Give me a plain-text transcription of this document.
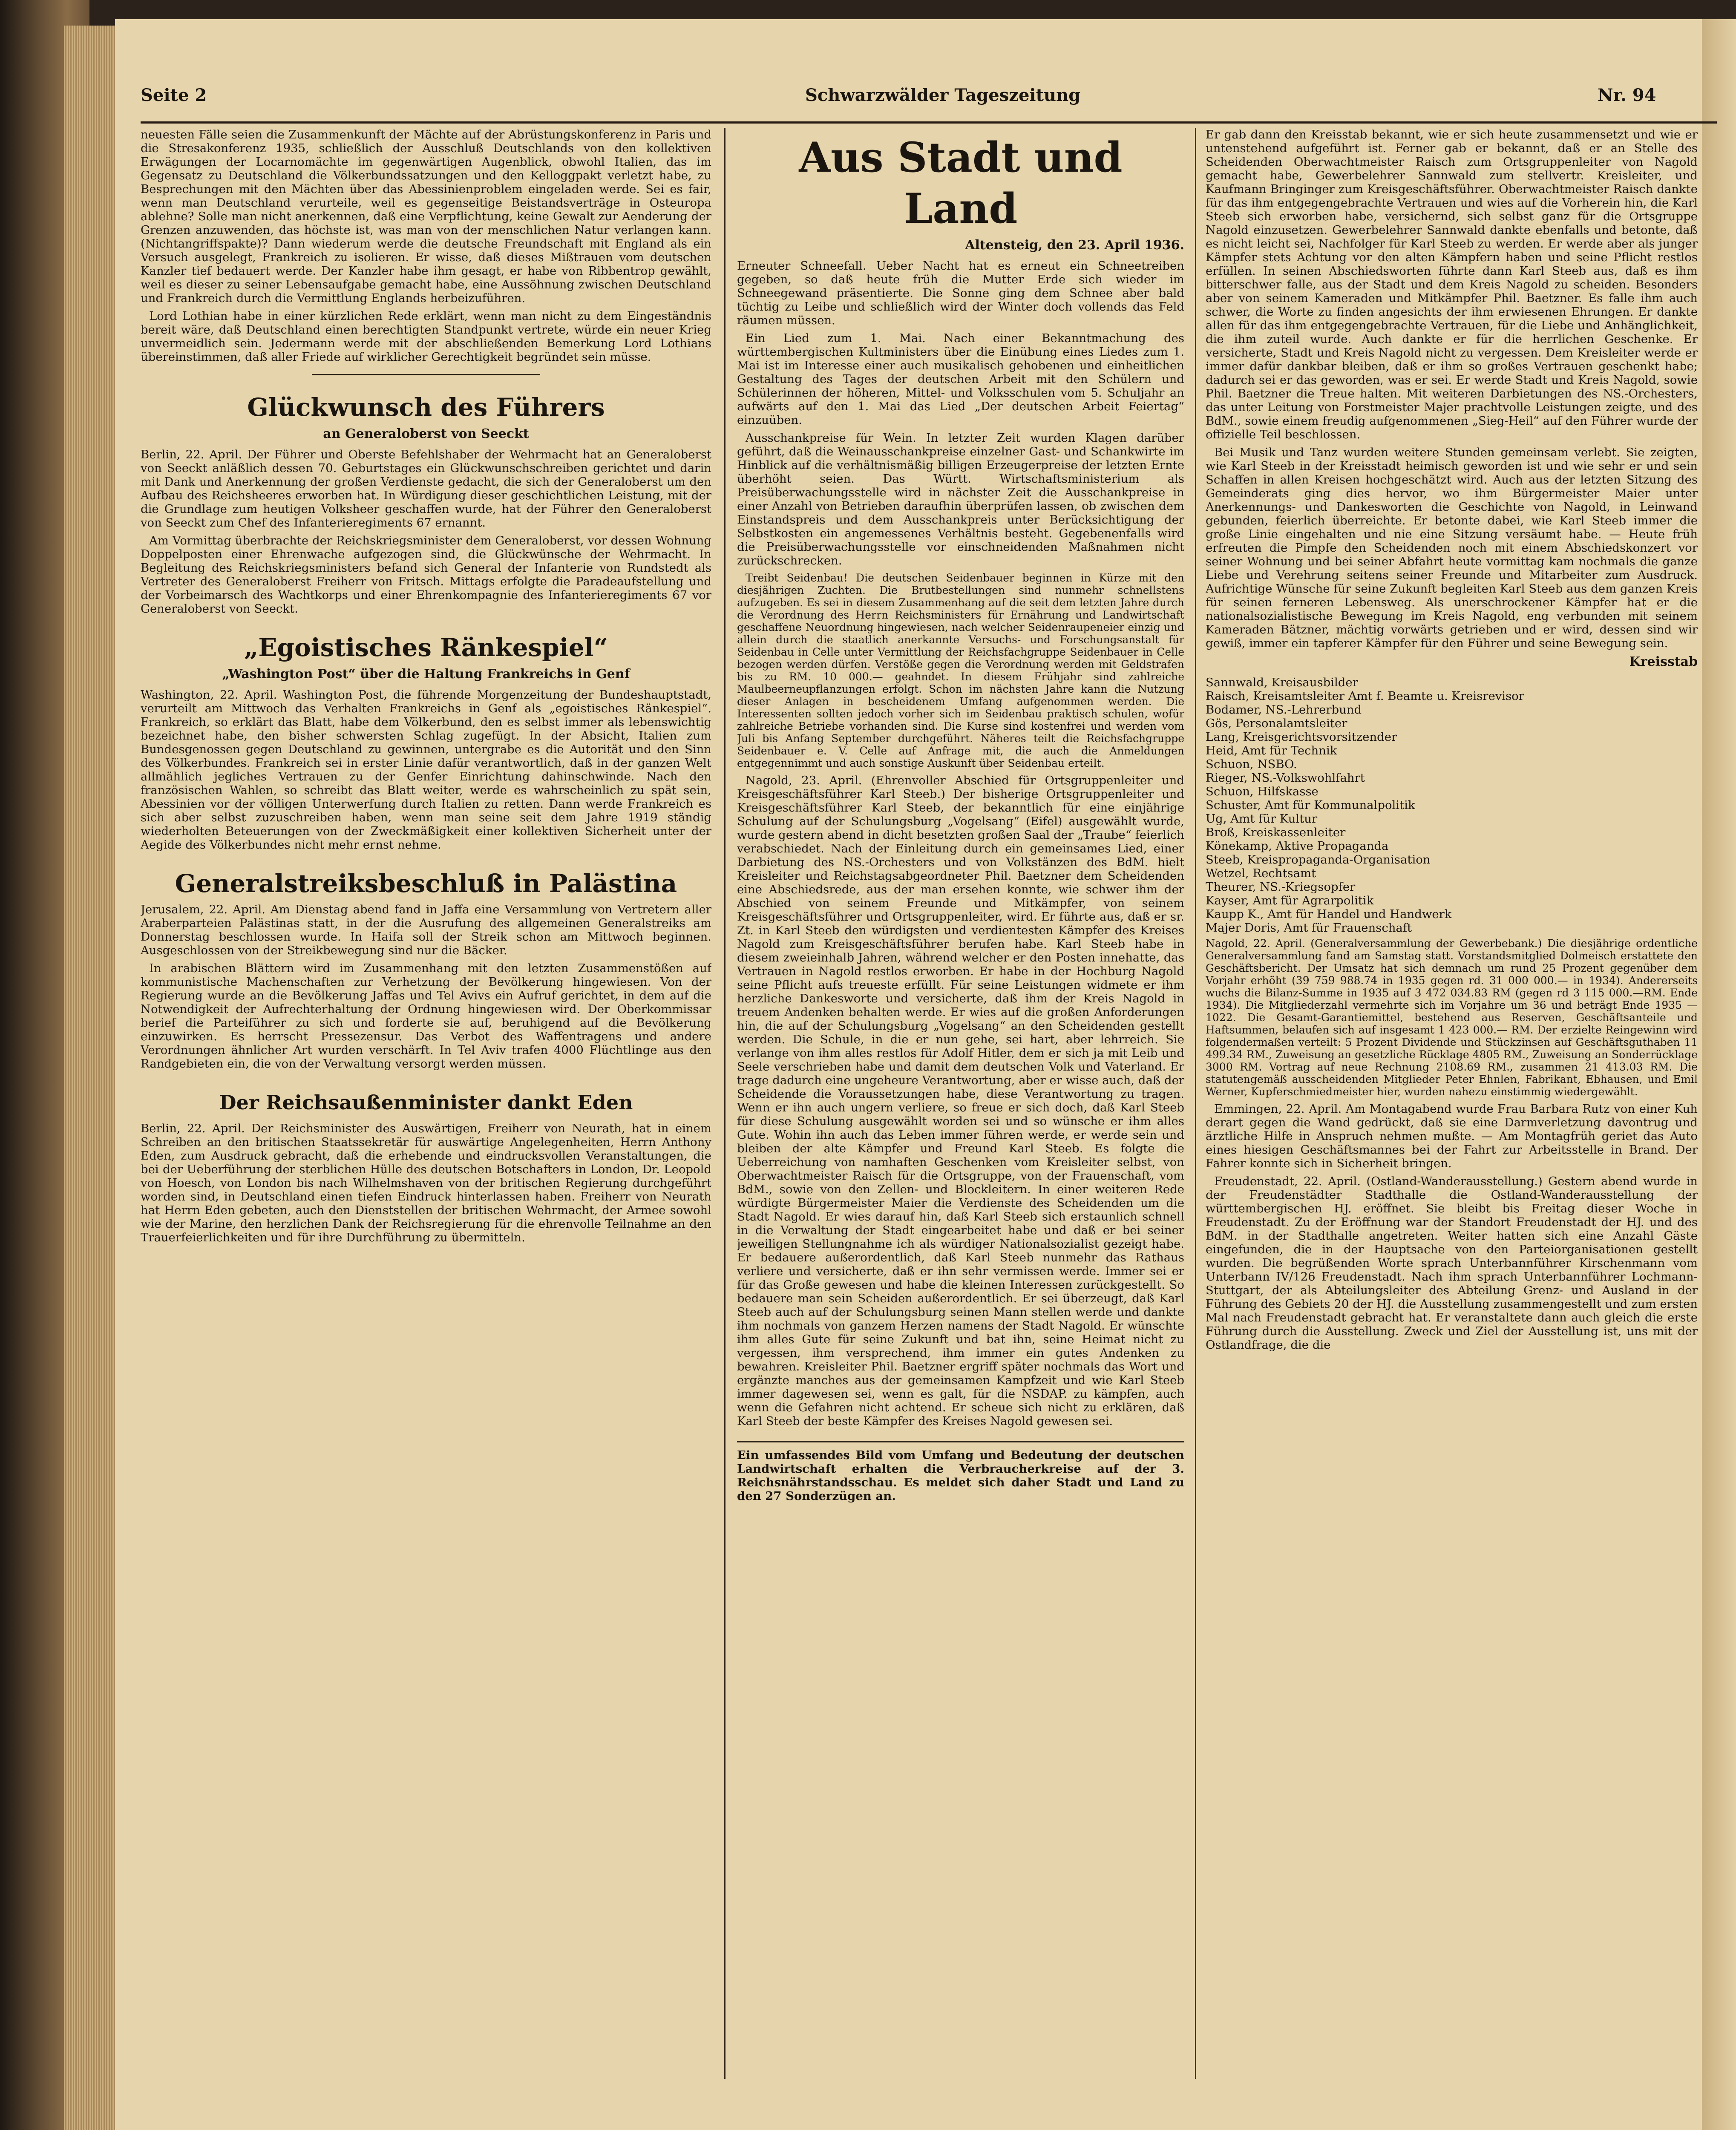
Seite 2	Schwarzwälder Tageszeitung	Nr. 94

neuesten Fälle seien die Zusammenkunft der Mächte auf der Abrüstungskonferenz in Paris und die Stresakonferenz 1935, schließlich der Ausschluß Deutschlands von den kollektiven Erwägungen der Locarnomächte im gegenwärtigen Augenblick, obwohl Italien, das im Gegensatz zu Deutschland die Völkerbundssatzungen und den Kelloggpakt verletzt habe, zu Besprechungen mit den Mächten über das Abessinienproblem eingeladen werde. Sei es fair, wenn man Deutschland verurteile, weil es gegenseitige Beistandsverträge in Osteuropa ablehne? Solle man nicht anerkennen, daß eine Verpflichtung, keine Gewalt zur Aenderung der Grenzen anzuwenden, das höchste ist, was man von der menschlichen Natur verlangen kann. (Nichtangriffspakte)? Dann wiederum werde die deutsche Freundschaft mit England als ein Versuch ausgelegt, Frankreich zu isolieren. Er wisse, daß dieses Mißtrauen vom deutschen Kanzler tief bedauert werde. Der Kanzler habe ihm gesagt, er habe von Ribbentrop gewählt, weil es dieser zu seiner Lebensaufgabe gemacht habe, eine Aussöhnung zwischen Deutschland und Frankreich durch die Vermittlung Englands herbeizuführen.

Lord Lothian habe in einer kürzlichen Rede erklärt, wenn man nicht zu dem Eingeständnis bereit wäre, daß Deutschland einen berechtigten Standpunkt vertrete, würde ein neuer Krieg unvermeidlich sein. Jedermann werde mit der abschließenden Bemerkung Lord Lothians übereinstimmen, daß aller Friede auf wirklicher Gerechtigkeit begründet sein müsse.

Glückwunsch des Führers
an Generaloberst von Seeckt

Berlin, 22. April. Der Führer und Oberste Befehlshaber der Wehrmacht hat an Generaloberst von Seeckt anläßlich dessen 70. Geburtstages ein Glückwunschschreiben gerichtet und darin mit Dank und Anerkennung der großen Verdienste gedacht, die sich der Generaloberst um den Aufbau des Reichsheeres erworben hat. In Würdigung dieser geschichtlichen Leistung, mit der die Grundlage zum heutigen Volksheer geschaffen wurde, hat der Führer den Generaloberst von Seeckt zum Chef des Infanterieregiments 67 ernannt.

Am Vormittag überbrachte der Reichskriegsminister dem Generaloberst, vor dessen Wohnung Doppelposten einer Ehrenwache aufgezogen sind, die Glückwünsche der Wehrmacht. In Begleitung des Reichskriegsministers befand sich General der Infanterie von Rundstedt als Vertreter des Generaloberst Freiherr von Fritsch. Mittags erfolgte die Paradeaufstellung und der Vorbeimarsch des Wachtkorps und einer Ehrenkompagnie des Infanterieregiments 67 vor Generaloberst von Seeckt.

„Egoistisches Ränkespiel“
„Washington Post“ über die Haltung Frankreichs in Genf

Washington, 22. April. Washington Post, die führende Morgenzeitung der Bundeshauptstadt, verurteilt am Mittwoch das Verhalten Frankreichs in Genf als „egoistisches Ränkespiel“. Frankreich, so erklärt das Blatt, habe dem Völkerbund, den es selbst immer als lebenswichtig bezeichnet habe, den bisher schwersten Schlag zugefügt. In der Absicht, Italien zum Bundesgenossen gegen Deutschland zu gewinnen, untergrabe es die Autorität und den Sinn des Völkerbundes. Frankreich sei in erster Linie dafür verantwortlich, daß in der ganzen Welt allmählich jegliches Vertrauen zu der Genfer Einrichtung dahinschwinde. Nach den französischen Wahlen, so schreibt das Blatt weiter, werde es wahrscheinlich zu spät sein, Abessinien vor der völligen Unterwerfung durch Italien zu retten. Dann werde Frankreich es sich aber selbst zuzuschreiben haben, wenn man seine seit dem Jahre 1919 ständig wiederholten Beteuerungen von der Zweckmäßigkeit einer kollektiven Sicherheit unter der Aegide des Völkerbundes nicht mehr ernst nehme.

Generalstreiksbeschluß in Palästina

Jerusalem, 22. April. Am Dienstag abend fand in Jaffa eine Versammlung von Vertretern aller Araberparteien Palästinas statt, in der die Ausrufung des allgemeinen Generalstreiks am Donnerstag beschlossen wurde. In Haifa soll der Streik schon am Mittwoch beginnen. Ausgeschlossen von der Streikbewegung sind nur die Bäcker.

In arabischen Blättern wird im Zusammenhang mit den letzten Zusammenstößen auf kommunistische Machenschaften zur Verhetzung der Bevölkerung hingewiesen. Von der Regierung wurde an die Bevölkerung Jaffas und Tel Avivs ein Aufruf gerichtet, in dem auf die Notwendigkeit der Aufrechterhaltung der Ordnung hingewiesen wird. Der Oberkommissar berief die Parteiführer zu sich und forderte sie auf, beruhigend auf die Bevölkerung einzuwirken. Es herrscht Pressezensur. Das Verbot des Waffentragens und andere Verordnungen ähnlicher Art wurden verschärft. In Tel Aviv trafen 4000 Flüchtlinge aus den Randgebieten ein, die von der Verwaltung versorgt werden müssen.

Der Reichsaußenminister dankt Eden

Berlin, 22. April. Der Reichsminister des Auswärtigen, Freiherr von Neurath, hat in einem Schreiben an den britischen Staatssekretär für auswärtige Angelegenheiten, Herrn Anthony Eden, zum Ausdruck gebracht, daß die erhebende und eindrucksvollen Veranstaltungen, die bei der Ueberführung der sterblichen Hülle des deutschen Botschafters in London, Dr. Leopold von Hoesch, von London bis nach Wilhelmshaven von der britischen Regierung durchgeführt worden sind, in Deutschland einen tiefen Eindruck hinterlassen haben. Freiherr von Neurath hat Herrn Eden gebeten, auch den Dienststellen der britischen Wehrmacht, der Armee sowohl wie der Marine, den herzlichen Dank der Reichsregierung für die ehrenvolle Teilnahme an den Trauerfeierlichkeiten und für ihre Durchführung zu übermitteln.

Aus Stadt und Land
Altensteig, den 23. April 1936.

Erneuter Schneefall. Ueber Nacht hat es erneut ein Schneetreiben gegeben, so daß heute früh die Mutter Erde sich wieder im Schneegewand präsentierte. Die Sonne ging dem Schnee aber bald tüchtig zu Leibe und schließlich wird der Winter doch vollends das Feld räumen müssen.

Ein Lied zum 1. Mai. Nach einer Bekanntmachung des württembergischen Kultministers über die Einübung eines Liedes zum 1. Mai ist im Interesse einer auch musikalisch gehobenen und einheitlichen Gestaltung des Tages der deutschen Arbeit mit den Schülern und Schülerinnen der höheren, Mittel- und Volksschulen vom 5. Schuljahr an aufwärts auf den 1. Mai das Lied „Der deutschen Arbeit Feiertag“ einzuüben.

Ausschankpreise für Wein. In letzter Zeit wurden Klagen darüber geführt, daß die Weinausschankpreise einzelner Gast- und Schankwirte im Hinblick auf die verhältnismäßig billigen Erzeugerpreise der letzten Ernte überhöht seien. Das Württ. Wirtschaftsministerium als Preisüberwachungsstelle wird in nächster Zeit die Ausschankpreise in einer Anzahl von Betrieben daraufhin überprüfen lassen, ob zwischen dem Einstandspreis und dem Ausschankpreis unter Berücksichtigung der Selbstkosten ein angemessenes Verhältnis besteht. Gegebenenfalls wird die Preisüberwachungsstelle vor einschneidenden Maßnahmen nicht zurückschrecken.

Treibt Seidenbau! Die deutschen Seidenbauer beginnen in Kürze mit den diesjährigen Zuchten. Die Brutbestellungen sind nunmehr schnellstens aufzugeben. Es sei in diesem Zusammenhang auf die seit dem letzten Jahre durch die Verordnung des Herrn Reichsministers für Ernährung und Landwirtschaft geschaffene Neuordnung hingewiesen, nach welcher Seidenraupeneier einzig und allein durch die staatlich anerkannte Versuchs- und Forschungsanstalt für Seidenbau in Celle unter Vermittlung der Reichsfachgruppe Seidenbauer in Celle bezogen werden dürfen. Verstöße gegen die Verordnung werden mit Geldstrafen bis zu RM. 10 000.— geahndet. In diesem Frühjahr sind zahlreiche Maulbeerneupflanzungen erfolgt. Schon im nächsten Jahre kann die Nutzung dieser Anlagen in bescheidenem Umfang aufgenommen werden. Die Interessenten sollten jedoch vorher sich im Seidenbau praktisch schulen, wofür zahlreiche Betriebe vorhanden sind. Die Kurse sind kostenfrei und werden vom Juli bis Anfang September durchgeführt. Näheres teilt die Reichsfachgruppe Seidenbauer e. V. Celle auf Anfrage mit, die auch die Anmeldungen entgegennimmt und auch sonstige Auskunft über Seidenbau erteilt.

Nagold, 23. April. (Ehrenvoller Abschied für Ortsgruppenleiter und Kreisgeschäftsführer Karl Steeb.) Der bisherige Ortsgruppenleiter und Kreisgeschäftsführer Karl Steeb, der bekanntlich für eine einjährige Schulung auf der Schulungsburg „Vogelsang“ (Eifel) ausgewählt wurde, wurde gestern abend in dicht besetzten großen Saal der „Traube“ feierlich verabschiedet. Nach der Einleitung durch ein gemeinsames Lied, einer Darbietung des NS.-Orchesters und von Volkstänzen des BdM. hielt Kreisleiter und Reichstagsabgeordneter Phil. Baetzner dem Scheidenden eine Abschiedsrede, aus der man ersehen konnte, wie schwer ihm der Abschied von seinem Freunde und Mitkämpfer, von seinem Kreisgeschäftsführer und Ortsgruppenleiter, wird. Er führte aus, daß er sr. Zt. in Karl Steeb den würdigsten und verdientesten Kämpfer des Kreises Nagold zum Kreisgeschäftsführer berufen habe. Karl Steeb habe in diesem zweieinhalb Jahren, während welcher er den Posten innehatte, das Vertrauen in Nagold restlos erworben. Er habe in der Hochburg Nagold seine Pflicht aufs treueste erfüllt. Für seine Leistungen widmete er ihm herzliche Dankesworte und versicherte, daß ihm der Kreis Nagold in treuem Andenken behalten werde. Er wies auf die großen Anforderungen hin, die auf der Schulungsburg „Vogelsang“ an den Scheidenden gestellt werden. Die Schule, in die er nun gehe, sei hart, aber lehrreich. Sie verlange von ihm alles restlos für Adolf Hitler, dem er sich ja mit Leib und Seele verschrieben habe und damit dem deutschen Volk und Vaterland. Er trage dadurch eine ungeheure Verantwortung, aber er wisse auch, daß der Scheidende die Voraussetzungen habe, diese Verantwortung zu tragen. Wenn er ihn auch ungern verliere, so freue er sich doch, daß Karl Steeb für diese Schulung ausgewählt worden sei und so wünsche er ihm alles Gute. Wohin ihn auch das Leben immer führen werde, er werde sein und bleiben der alte Kämpfer und Freund Karl Steeb. Es folgte die Ueberreichung von namhaften Geschenken vom Kreisleiter selbst, von Oberwachtmeister Raisch für die Ortsgruppe, von der Frauenschaft, vom BdM., sowie von den Zellen- und Blockleitern. In einer weiteren Rede würdigte Bürgermeister Maier die Verdienste des Scheidenden um die Stadt Nagold. Er wies darauf hin, daß Karl Steeb sich erstaunlich schnell in die Verwaltung der Stadt eingearbeitet habe und daß er bei seiner jeweiligen Stellungnahme ich als würdiger Nationalsozialist gezeigt habe. Er bedauere außerordentlich, daß Karl Steeb nunmehr das Rathaus verliere und versicherte, daß er ihn sehr vermissen werde. Immer sei er für das Große gewesen und habe die kleinen Interessen zurückgestellt. So bedauere man sein Scheiden außerordentlich. Er sei überzeugt, daß Karl Steeb auch auf der Schulungsburg seinen Mann stellen werde und dankte ihm nochmals von ganzem Herzen namens der Stadt Nagold. Er wünschte ihm alles Gute für seine Zukunft und bat ihn, seine Heimat nicht zu vergessen, ihm versprechend, ihm immer ein gutes Andenken zu bewahren. Kreisleiter Phil. Baetzner ergriff später nochmals das Wort und ergänzte manches aus der gemeinsamen Kampfzeit und wie Karl Steeb immer dagewesen sei, wenn es galt, für die NSDAP. zu kämpfen, auch wenn die Gefahren nicht achtend. Er scheue sich nicht zu erklären, daß Karl Steeb der beste Kämpfer des Kreises Nagold gewesen sei.

Ein umfassendes Bild vom Umfang und Bedeutung der deutschen Landwirtschaft erhalten die Verbraucherkreise auf der 3. Reichsnährstandsschau. Es meldet sich daher Stadt und Land zu den 27 Sonderzügen an.

Er gab dann den Kreisstab bekannt, wie er sich heute zusammensetzt und wie er untenstehend aufgeführt ist. Ferner gab er bekannt, daß er an Stelle des Scheidenden Oberwachtmeister Raisch zum Ortsgruppenleiter von Nagold gemacht habe, Gewerbelehrer Sannwald zum stellvertr. Kreisleiter, und Kaufmann Bringinger zum Kreisgeschäftsführer. Oberwachtmeister Raisch dankte für das ihm entgegengebrachte Vertrauen und wies auf die Vorherein hin, die Karl Steeb sich erworben habe, versichernd, sich selbst ganz für die Ortsgruppe Nagold einzusetzen. Gewerbelehrer Sannwald dankte ebenfalls und betonte, daß es nicht leicht sei, Nachfolger für Karl Steeb zu werden. Er werde aber als junger Kämpfer stets Achtung vor den alten Kämpfern haben und seine Pflicht restlos erfüllen. In seinen Abschiedsworten führte dann Karl Steeb aus, daß es ihm bitterschwer falle, aus der Stadt und dem Kreis Nagold zu scheiden. Besonders aber von seinem Kameraden und Mitkämpfer Phil. Baetzner. Es falle ihm auch schwer, die Worte zu finden angesichts der ihm erwiesenen Ehrungen. Er dankte allen für das ihm entgegengebrachte Vertrauen, für die Liebe und Anhänglichkeit, die ihm zuteil wurde. Auch dankte er für die herrlichen Geschenke. Er versicherte, Stadt und Kreis Nagold nicht zu vergessen. Dem Kreisleiter werde er immer dafür dankbar bleiben, daß er ihm so großes Vertrauen geschenkt habe; dadurch sei er das geworden, was er sei. Er werde Stadt und Kreis Nagold, sowie Phil. Baetzner die Treue halten. Mit weiteren Darbietungen des NS.-Orchesters, das unter Leitung von Forstmeister Majer prachtvolle Leistungen zeigte, und des BdM., sowie einem freudig aufgenommenen „Sieg-Heil“ auf den Führer wurde der offizielle Teil beschlossen.

Bei Musik und Tanz wurden weitere Stunden gemeinsam verlebt. Sie zeigten, wie Karl Steeb in der Kreisstadt heimisch geworden ist und wie sehr er und sein Schaffen in allen Kreisen hochgeschätzt wird. Auch aus der letzten Sitzung des Gemeinderats ging dies hervor, wo ihm Bürgermeister Maier unter Anerkennungs- und Dankesworten die Geschichte von Nagold, in Leinwand gebunden, feierlich überreichte. Er betonte dabei, wie Karl Steeb immer die große Linie eingehalten und nie eine Sitzung versäumt habe. — Heute früh erfreuten die Pimpfe den Scheidenden noch mit einem Abschiedskonzert vor seiner Wohnung und bei seiner Abfahrt heute vormittag kam nochmals die ganze Liebe und Verehrung seitens seiner Freunde und Mitarbeiter zum Ausdruck. Aufrichtige Wünsche für seine Zukunft begleiten Karl Steeb aus dem ganzen Kreis für seinen ferneren Lebensweg. Als unerschrockener Kämpfer hat er die nationalsozialistische Bewegung im Kreis Nagold, eng verbunden mit seinem Kameraden Bätzner, mächtig vorwärts getrieben und er wird, dessen sind wir gewiß, immer ein tapferer Kämpfer für den Führer und seine Bewegung sein.

Kreisstab
Sannwald, Kreisausbilder
Raisch, Kreisamtsleiter Amt f. Beamte u. Kreisrevisor
Bodamer, NS.-Lehrerbund
Gös, Personalamtsleiter
Lang, Kreisgerichtsvorsitzender
Heid, Amt für Technik
Schuon, NSBO.
Rieger, NS.-Volkswohlfahrt
Schuon, Hilfskasse
Schuster, Amt für Kommunalpolitik
Ug, Amt für Kultur
Broß, Kreiskassenleiter
Könekamp, Aktive Propaganda
Steeb, Kreispropaganda-Organisation
Wetzel, Rechtsamt
Theurer, NS.-Kriegsopfer
Kayser, Amt für Agrarpolitik
Kaupp K., Amt für Handel und Handwerk
Majer Doris, Amt für Frauenschaft

Nagold, 22. April. (Generalversammlung der Gewerbebank.) Die diesjährige ordentliche Generalversammlung fand am Samstag statt. Vorstandsmitglied Dolmeisch erstattete den Geschäftsbericht. Der Umsatz hat sich demnach um rund 25 Prozent gegenüber dem Vorjahr erhöht (39 759 988.74 in 1935 gegen rd. 31 000 000.— in 1934). Andererseits wuchs die Bilanz-Summe in 1935 auf 3 472 034.83 RM (gegen rd 3 115 000.—RM. Ende 1934). Die Mitgliederzahl vermehrte sich im Vorjahre um 36 und beträgt Ende 1935 — 1022. Die Gesamt-Garantiemittel, bestehend aus Reserven, Geschäftsanteile und Haftsummen, belaufen sich auf insgesamt 1 423 000.— RM. Der erzielte Reingewinn wird folgendermaßen verteilt: 5 Prozent Dividende und Stückzinsen auf Geschäftsguthaben 11 499.34 RM., Zuweisung an gesetzliche Rücklage 4805 RM., Zuweisung an Sonderrücklage 3000 RM. Vortrag auf neue Rechnung 2108.69 RM., zusammen 21 413.03 RM. Die statutengemäß ausscheidenden Mitglieder Peter Ehnlen, Fabrikant, Ebhausen, und Emil Werner, Kupferschmiedmeister hier, wurden nahezu einstimmig wiedergewählt.

Emmingen, 22. April. Am Montagabend wurde Frau Barbara Rutz von einer Kuh derart gegen die Wand gedrückt, daß sie eine Darmverletzung davontrug und ärztliche Hilfe in Anspruch nehmen mußte. — Am Montagfrüh geriet das Auto eines hiesigen Geschäftsmannes bei der Fahrt zur Arbeitsstelle in Brand. Der Fahrer konnte sich in Sicherheit bringen.

Freudenstadt, 22. April. (Ostland-Wanderausstellung.) Gestern abend wurde in der Freudenstädter Stadthalle die Ostland-Wanderausstellung der württembergischen HJ. eröffnet. Sie bleibt bis Freitag dieser Woche in Freudenstadt. Zu der Eröffnung war der Standort Freudenstadt der HJ. und des BdM. in der Stadthalle angetreten. Weiter hatten sich eine Anzahl Gäste eingefunden, die in der Hauptsache von den Parteiorganisationen gestellt wurden. Die begrüßenden Worte sprach Unterbannführer Kirschenmann vom Unterbann IV/126 Freudenstadt. Nach ihm sprach Unterbannführer Lochmann-Stuttgart, der als Abteilungsleiter des Abteilung Grenz- und Ausland in der Führung des Gebiets 20 der HJ. die Ausstellung zusammengestellt und zum ersten Mal nach Freudenstadt gebracht hat. Er veranstaltete dann auch gleich die erste Führung durch die Ausstellung. Zweck und Ziel der Ausstellung ist, uns mit der Ostlandfrage, die die
